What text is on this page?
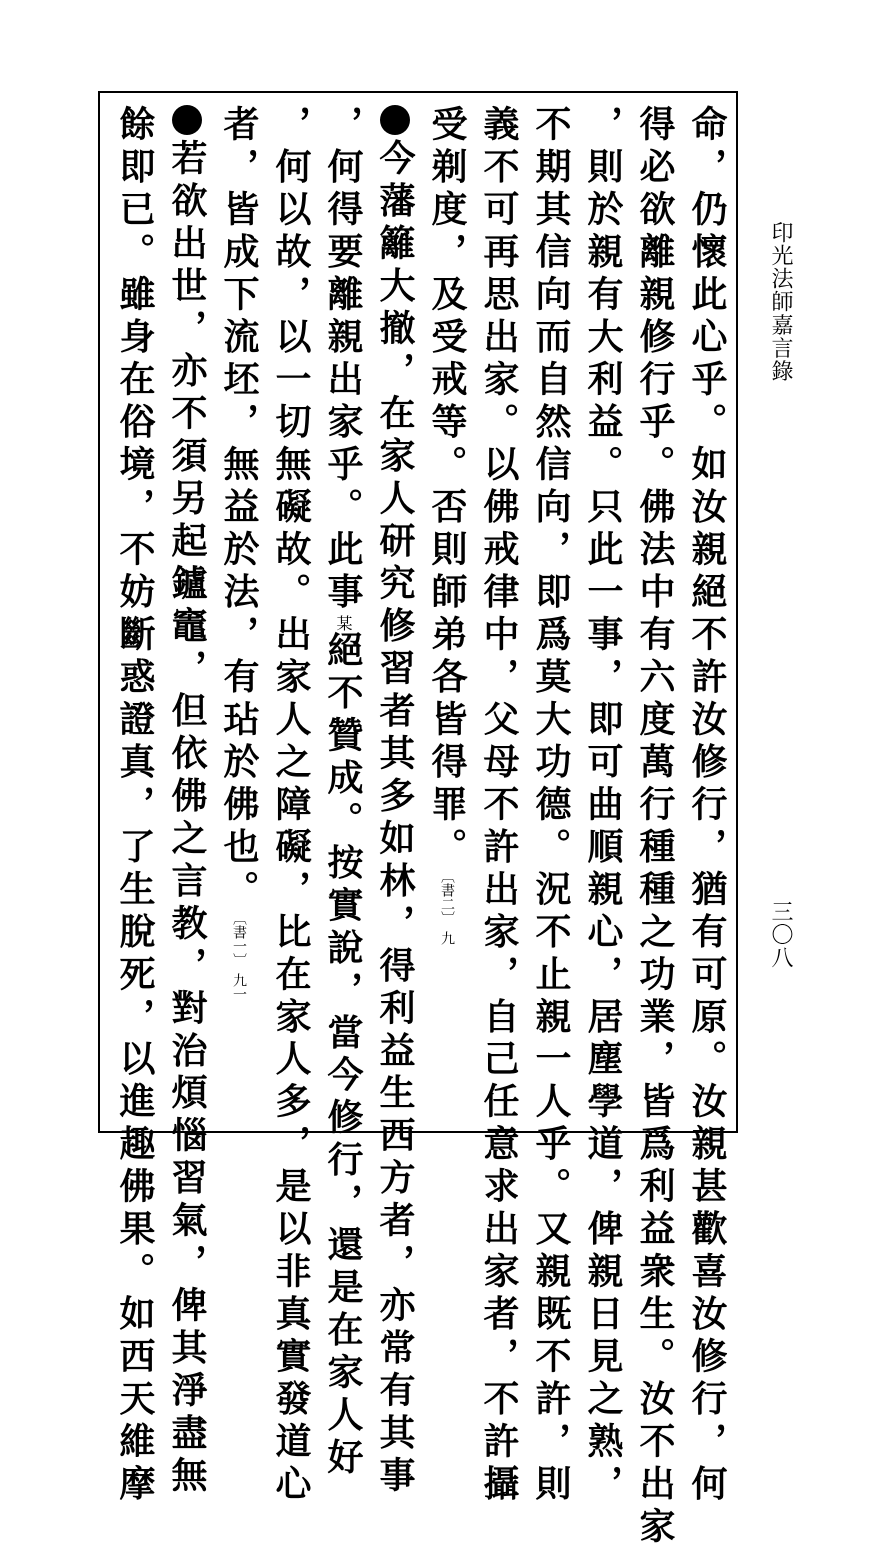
印光法師嘉言錄
三〇八
命，仍懷此心乎。如汝親絕不許汝修行，猶有可原。汝親甚歡喜汝修行，何
得必欲離親修行乎。佛法中有六度萬行種種之功業，皆爲利益衆生。汝不出家
，則於親有大利益。只此一事，即可曲順親心，居塵學道，俾親日見之熟，
不期其信向而自然信向，即爲莫大功德。況不止親一人乎。又親既不許，則
義不可再思出家。以佛戒律中，父母不許出家，自己任意求出家者，不許攝
受剃度，及受戒等。否則師弟各皆得罪。〔書二〕九
今藩籬大撤，在家人研究修習者其多如林，得利益生西方者，亦常有其事
，何得要離親出家乎。此事某絕不贊成。按實說，當今修行，還是在家人好
，何以故，以一切無礙故。出家人之障礙，比在家人多，是以非真實發道心
者，皆成下流坯，無益於法，有玷於佛也。〔書一〕九一
若欲出世，亦不須另起鑪竈，但依佛之言教，對治煩惱習氣，俾其淨盡無
餘即已。雖身在俗境，不妨斷惑證真，了生脫死，以進趣佛果。如西天維摩
